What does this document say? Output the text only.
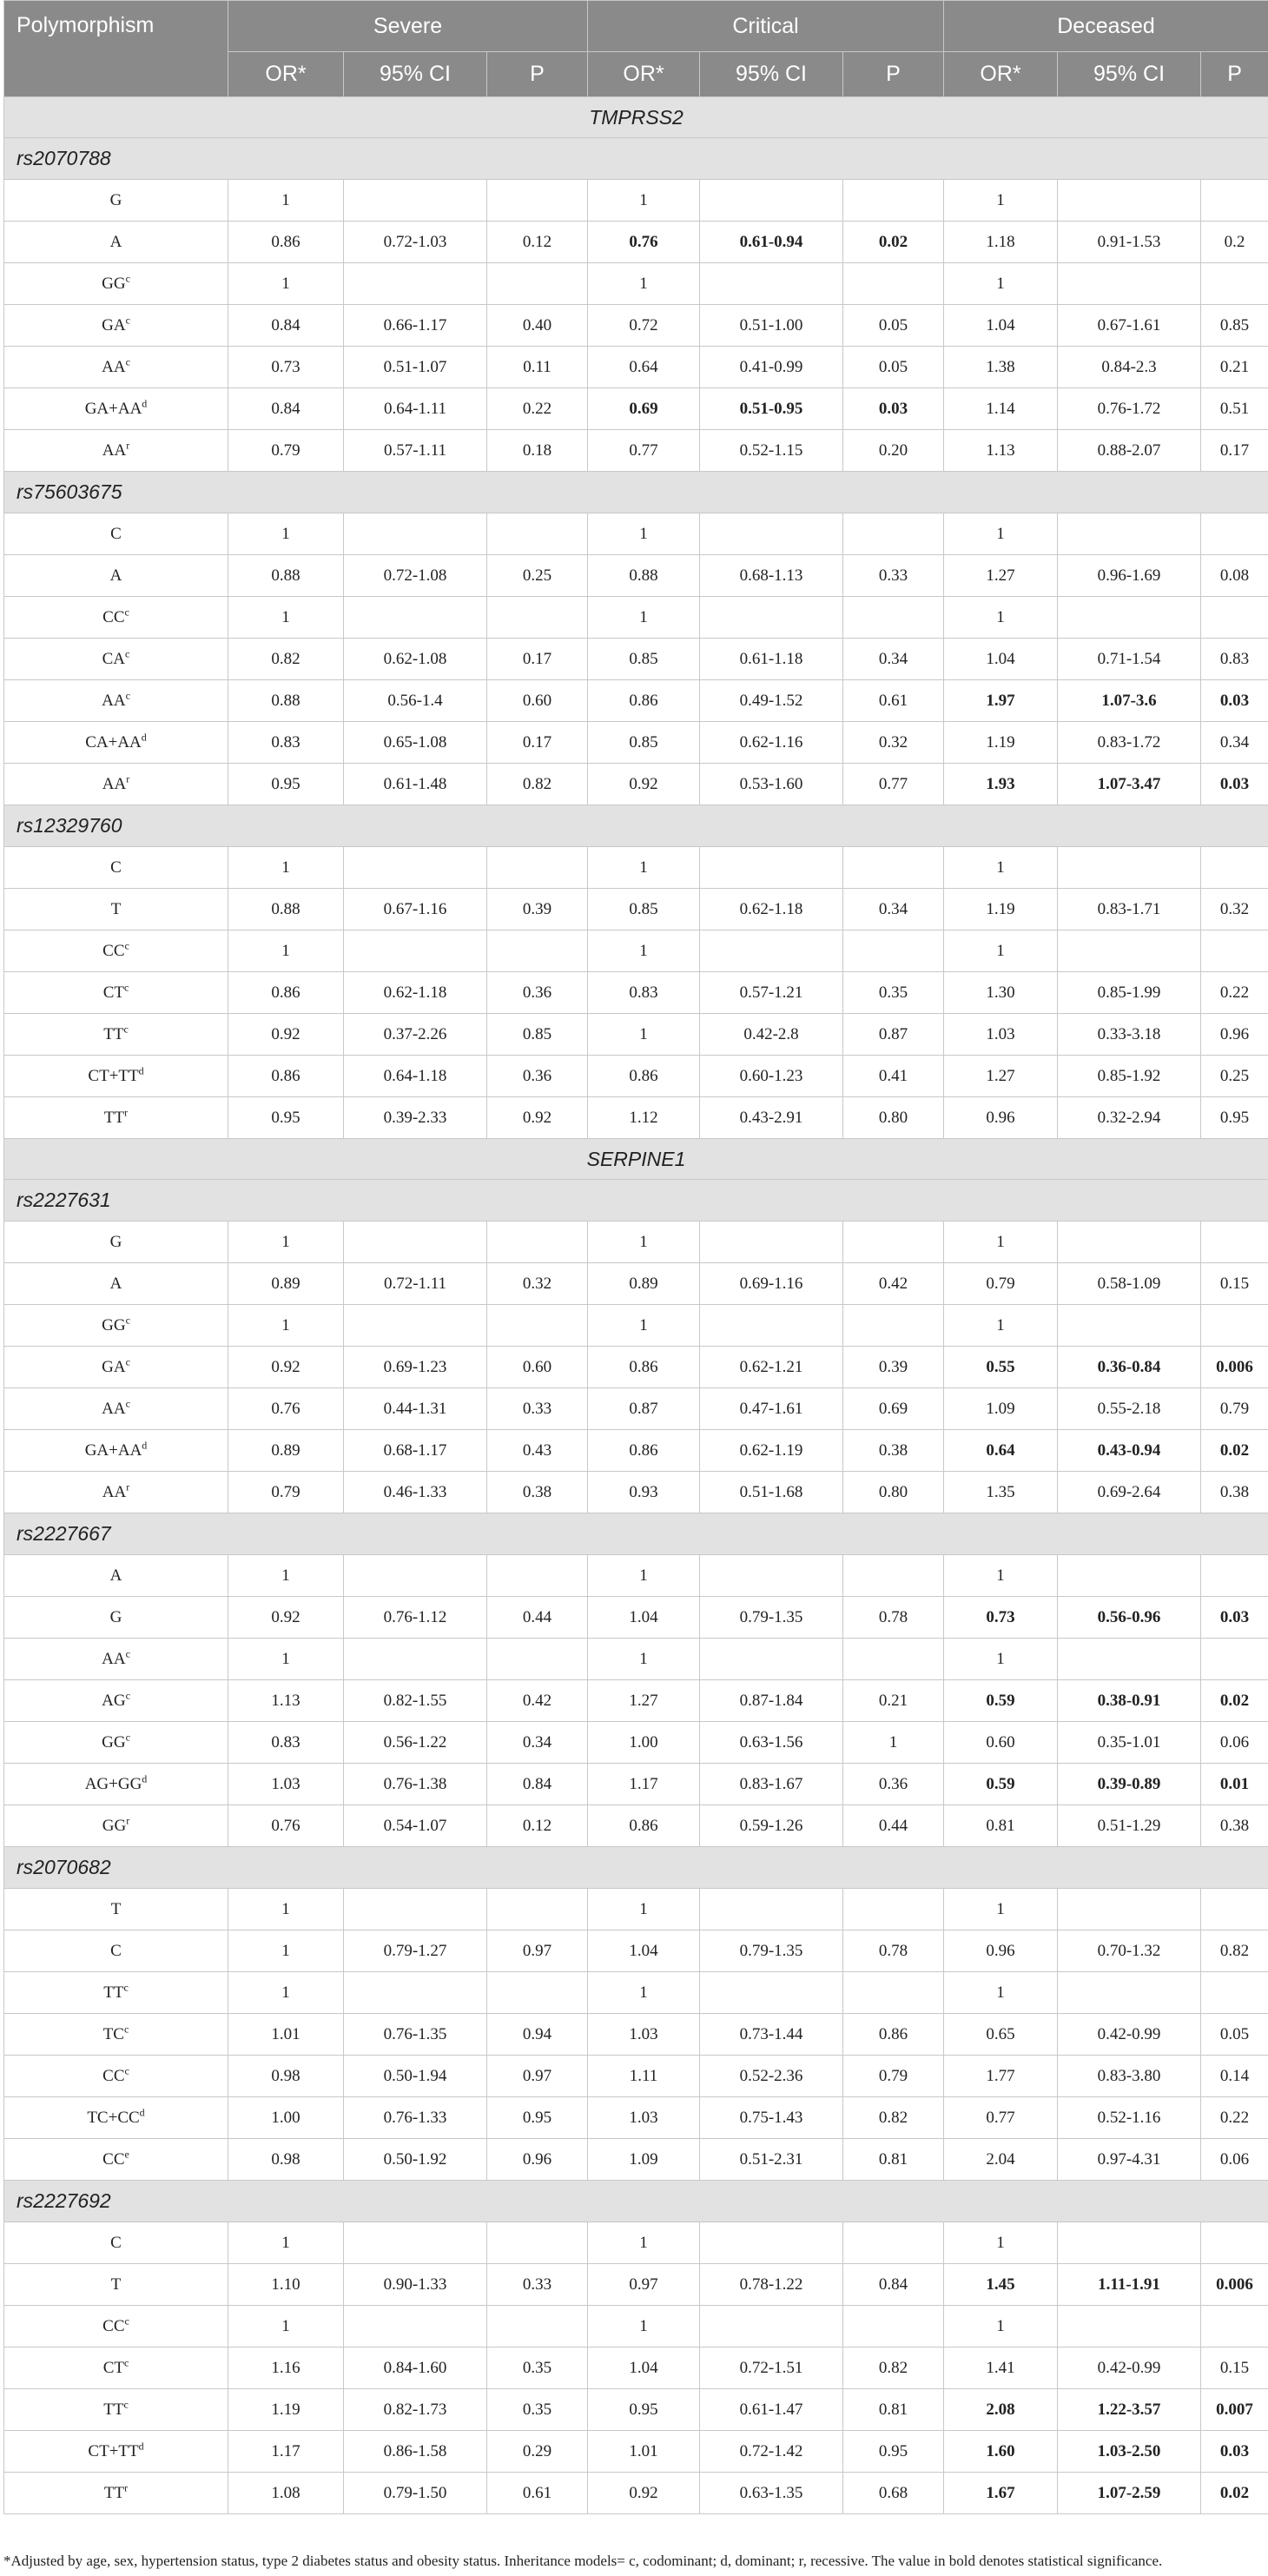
Polymorphism	Severe			Critical			Deceased		
	OR*	95% CI	P	OR*	95% CI	P	OR*	95% CI	P
TMPRSS2									
rs2070788									
G	1			1			1		
A	0.86	0.72-1.03	0.12	0.76	0.61-0.94	0.02	1.18	0.91-1.53	0.2
$GG^c$	1			1			1		
$GA^c$	0.84	0.66-1.17	0.40	0.72	0.51-1.00	0.05	1.04	0.67-1.61	0.85
$AA^c$	0.73	0.51-1.07	0.11	0.64	0.41-0.99	0.05	1.38	0.84-2.3	0.21
$GA+AA^d$	0.84	0.64-1.11	0.22	0.69	0.51-0.95	0.03	1.14	0.76-1.72	0.51
$AA^r$	0.79	0.57-1.11	0.18	0.77	0.52-1.15	0.20	1.13	0.88-2.07	0.17
rs75603675									
C	1			1			1		
A	0.88	0.72-1.08	0.25	0.88	0.68-1.13	0.33	1.27	0.96-1.69	0.08
$CC^c$	1			1			1		
$CA^c$	0.82	0.62-1.08	0.17	0.85	0.61-1.18	0.34	1.04	0.71-1.54	0.83
$AA^c$	0.88	0.56-1.4	0.60	0.86	0.49-1.52	0.61	1.97	1.07-3.6	0.03
$CA+AA^d$	0.83	0.65-1.08	0.17	0.85	0.62-1.16	0.32	1.19	0.83-1.72	0.34
$AA^r$	0.95	0.61-1.48	0.82	0.92	0.53-1.60	0.77	1.93	1.07-3.47	0.03
rs12329760									
C	1			1			1		
T	0.88	0.67-1.16	0.39	0.85	0.62-1.18	0.34	1.19	0.83-1.71	0.32
$CC^c$	1			1			1		
$CT^c$	0.86	0.62-1.18	0.36	0.83	0.57-1.21	0.35	1.30	0.85-1.99	0.22
$TT^c$	0.92	0.37-2.26	0.85	1	0.42-2.8	0.87	1.03	0.33-3.18	0.96
$CT+TT^d$	0.86	0.64-1.18	0.36	0.86	0.60-1.23	0.41	1.27	0.85-1.92	0.25
$TT^r$	0.95	0.39-2.33	0.92	1.12	0.43-2.91	0.80	0.96	0.32-2.94	0.95
SERPINE1									
rs2227631									
G	1			1			1		
A	0.89	0.72-1.11	0.32	0.89	0.69-1.16	0.42	0.79	0.58-1.09	0.15
$GG^c$	1			1			1		
$GA^c$	0.92	0.69-1.23	0.60	0.86	0.62-1.21	0.39	0.55	0.36-0.84	0.006
$AA^c$	0.76	0.44-1.31	0.33	0.87	0.47-1.61	0.69	1.09	0.55-2.18	0.79
$GA+AA^d$	0.89	0.68-1.17	0.43	0.86	0.62-1.19	0.38	0.64	0.43-0.94	0.02
$AA^r$	0.79	0.46-1.33	0.38	0.93	0.51-1.68	0.80	1.35	0.69-2.64	0.38
rs2227667									
A	1			1			1		
G	0.92	0.76-1.12	0.44	1.04	0.79-1.35	0.78	0.73	0.56-0.96	0.03
$AA^c$	1			1			1		
$AG^c$	1.13	0.82-1.55	0.42	1.27	0.87-1.84	0.21	0.59	0.38-0.91	0.02
$GG^c$	0.83	0.56-1.22	0.34	1.00	0.63-1.56	1	0.60	0.35-1.01	0.06
$AG+GG^d$	1.03	0.76-1.38	0.84	1.17	0.83-1.67	0.36	0.59	0.39-0.89	0.01
$GG^r$	0.76	0.54-1.07	0.12	0.86	0.59-1.26	0.44	0.81	0.51-1.29	0.38
rs2070682									
T	1			1			1		
C	1	0.79-1.27	0.97	1.04	0.79-1.35	0.78	0.96	0.70-1.32	0.82
$TT^c$	1			1			1		
$TC^c$	1.01	0.76-1.35	0.94	1.03	0.73-1.44	0.86	0.65	0.42-0.99	0.05
$CC^c$	0.98	0.50-1.94	0.97	1.11	0.52-2.36	0.79	1.77	0.83-3.80	0.14
$TC+CC^d$	1.00	0.76-1.33	0.95	1.03	0.75-1.43	0.82	0.77	0.52-1.16	0.22
CCe	0.98	0.50-1.92	0.96	1.09	0.51-2.31	0.81	2.04	0.97-4.31	0.06
rs2227692									
C	1			1			1		
T	1.10	0.90-1.33	0.33	0.97	0.78-1.22	0.84	1.45	1.11-1.91	0.006
$CC^c$	1			1			1		
$CT^c$	1.16	0.84-1.60	0.35	1.04	0.72-1.51	0.82	1.41	0.42-0.99	0.15
$TT^c$	1.19	0.82-1.73	0.35	0.95	0.61-1.47	0.81	2.08	1.22-3.57	0.007
$CT+TT^d$	1.17	0.86-1.58	0.29	1.01	0.72-1.42	0.95	1.60	1.03-2.50	0.03
$TT^r$	1.08	0.79-1.50	0.61	0.92	0.63-1.35	0.68	1.67	1.07-2.59	0.02
*Adjusted by age, sex, hypertension status, type 2 diabetes status and obesity status. Inheritance models= c, codominant; d, dominant; r, recessive. The value in bold denotes statistical significance.
